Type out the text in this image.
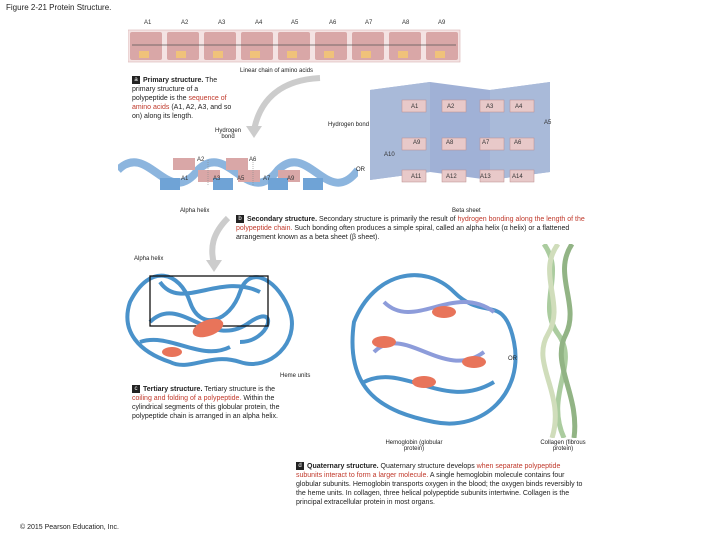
Figure 2-21 Protein Structure.
A1	A2	A3	A4	A5	A6	A7	A8	A9
Linear chain of amino acids
a Primary structure. The primary structure of a polypeptide is the sequence of amino acids (A1, A2, A3, and so on) along its length.
Hydrogen bond
A2	A6
A1	A3	A5	A7	A9
Alpha helix
OR
A1	A2	A3	A4
A5
A6
A7
A8
A9
A10
A11	A12	A13	A14
Hydrogen bond
Beta sheet
b Secondary structure. Secondary structure is primarily the result of hydrogen bonding along the length of the polypeptide chain. Such bonding often produces a simple spiral, called an alpha helix (α helix) or a flattened arrangement known as a beta sheet (β sheet).
Alpha helix
Heme units
OR
c Tertiary structure. Tertiary structure is the coiling and folding of a polypeptide. Within the cylindrical segments of this globular protein, the polypeptide chain is arranged in an alpha helix.
Hemoglobin (globular protein)
Collagen (fibrous protein)
d Quaternary structure. Quaternary structure develops when separate polypeptide subunits interact to form a larger molecule. A single hemoglobin molecule contains four globular subunits. Hemoglobin transports oxygen in the blood; the oxygen binds reversibly to the heme units. In collagen, three helical polypeptide subunits intertwine. Collagen is the principal extracellular protein in most organs.
© 2015 Pearson Education, Inc.
